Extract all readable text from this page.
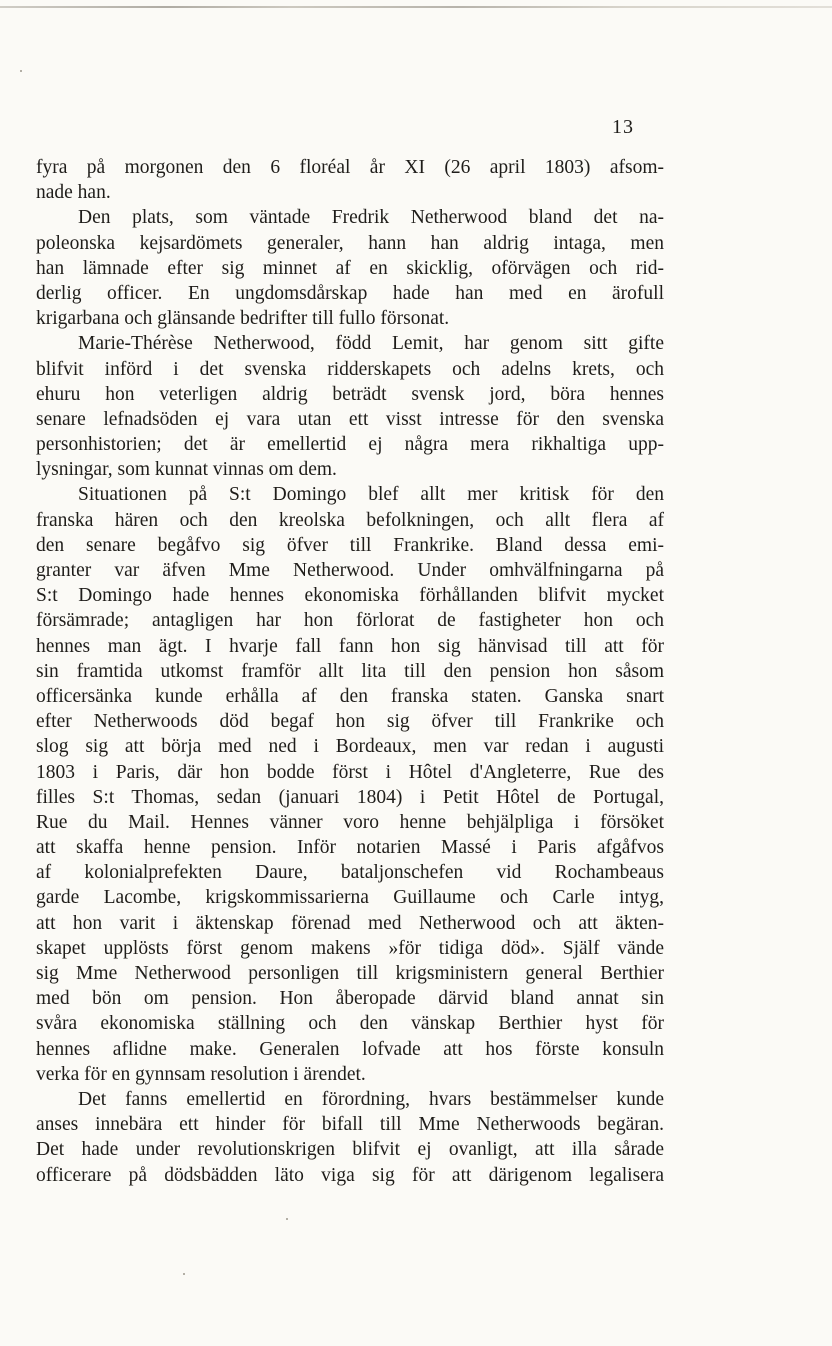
13
fyra på morgonen den 6 floréal år XI (26 april 1803) afsom-
nade han.
Den plats, som väntade Fredrik Netherwood bland det na-
poleonska kejsardömets generaler, hann han aldrig intaga, men
han lämnade efter sig minnet af en skicklig, oförvägen och rid-
derlig officer. En ungdomsdårskap hade han med en ärofull
krigarbana och glänsande bedrifter till fullo försonat.
Marie-Thérèse Netherwood, född Lemit, har genom sitt gifte
blifvit införd i det svenska ridderskapets och adelns krets, och
ehuru hon veterligen aldrig beträdt svensk jord, böra hennes
senare lefnadsöden ej vara utan ett visst intresse för den svenska
personhistorien; det är emellertid ej några mera rikhaltiga upp-
lysningar, som kunnat vinnas om dem.
Situationen på S:t Domingo blef allt mer kritisk för den
franska hären och den kreolska befolkningen, och allt flera af
den senare begåfvo sig öfver till Frankrike. Bland dessa emi-
granter var äfven Mme Netherwood. Under omhvälfningarna på
S:t Domingo hade hennes ekonomiska förhållanden blifvit mycket
försämrade; antagligen har hon förlorat de fastigheter hon och
hennes man ägt. I hvarje fall fann hon sig hänvisad till att för
sin framtida utkomst framför allt lita till den pension hon såsom
officersänka kunde erhålla af den franska staten. Ganska snart
efter Netherwoods död begaf hon sig öfver till Frankrike och
slog sig att börja med ned i Bordeaux, men var redan i augusti
1803 i Paris, där hon bodde först i Hôtel d'Angleterre, Rue des
filles S:t Thomas, sedan (januari 1804) i Petit Hôtel de Portugal,
Rue du Mail. Hennes vänner voro henne behjälpliga i försöket
att skaffa henne pension. Inför notarien Massé i Paris afgåfvos
af kolonialprefekten Daure, bataljonschefen vid Rochambeaus
garde Lacombe, krigskommissarierna Guillaume och Carle intyg,
att hon varit i äktenskap förenad med Netherwood och att äkten-
skapet upplösts först genom makens »för tidiga död». Själf vände
sig Mme Netherwood personligen till krigsministern general Berthier
med bön om pension. Hon åberopade därvid bland annat sin
svåra ekonomiska ställning och den vänskap Berthier hyst för
hennes aflidne make. Generalen lofvade att hos förste konsuln
verka för en gynnsam resolution i ärendet.
Det fanns emellertid en förordning, hvars bestämmelser kunde
anses innebära ett hinder för bifall till Mme Netherwoods begäran.
Det hade under revolutionskrigen blifvit ej ovanligt, att illa sårade
officerare på dödsbädden läto viga sig för att därigenom legalisera
